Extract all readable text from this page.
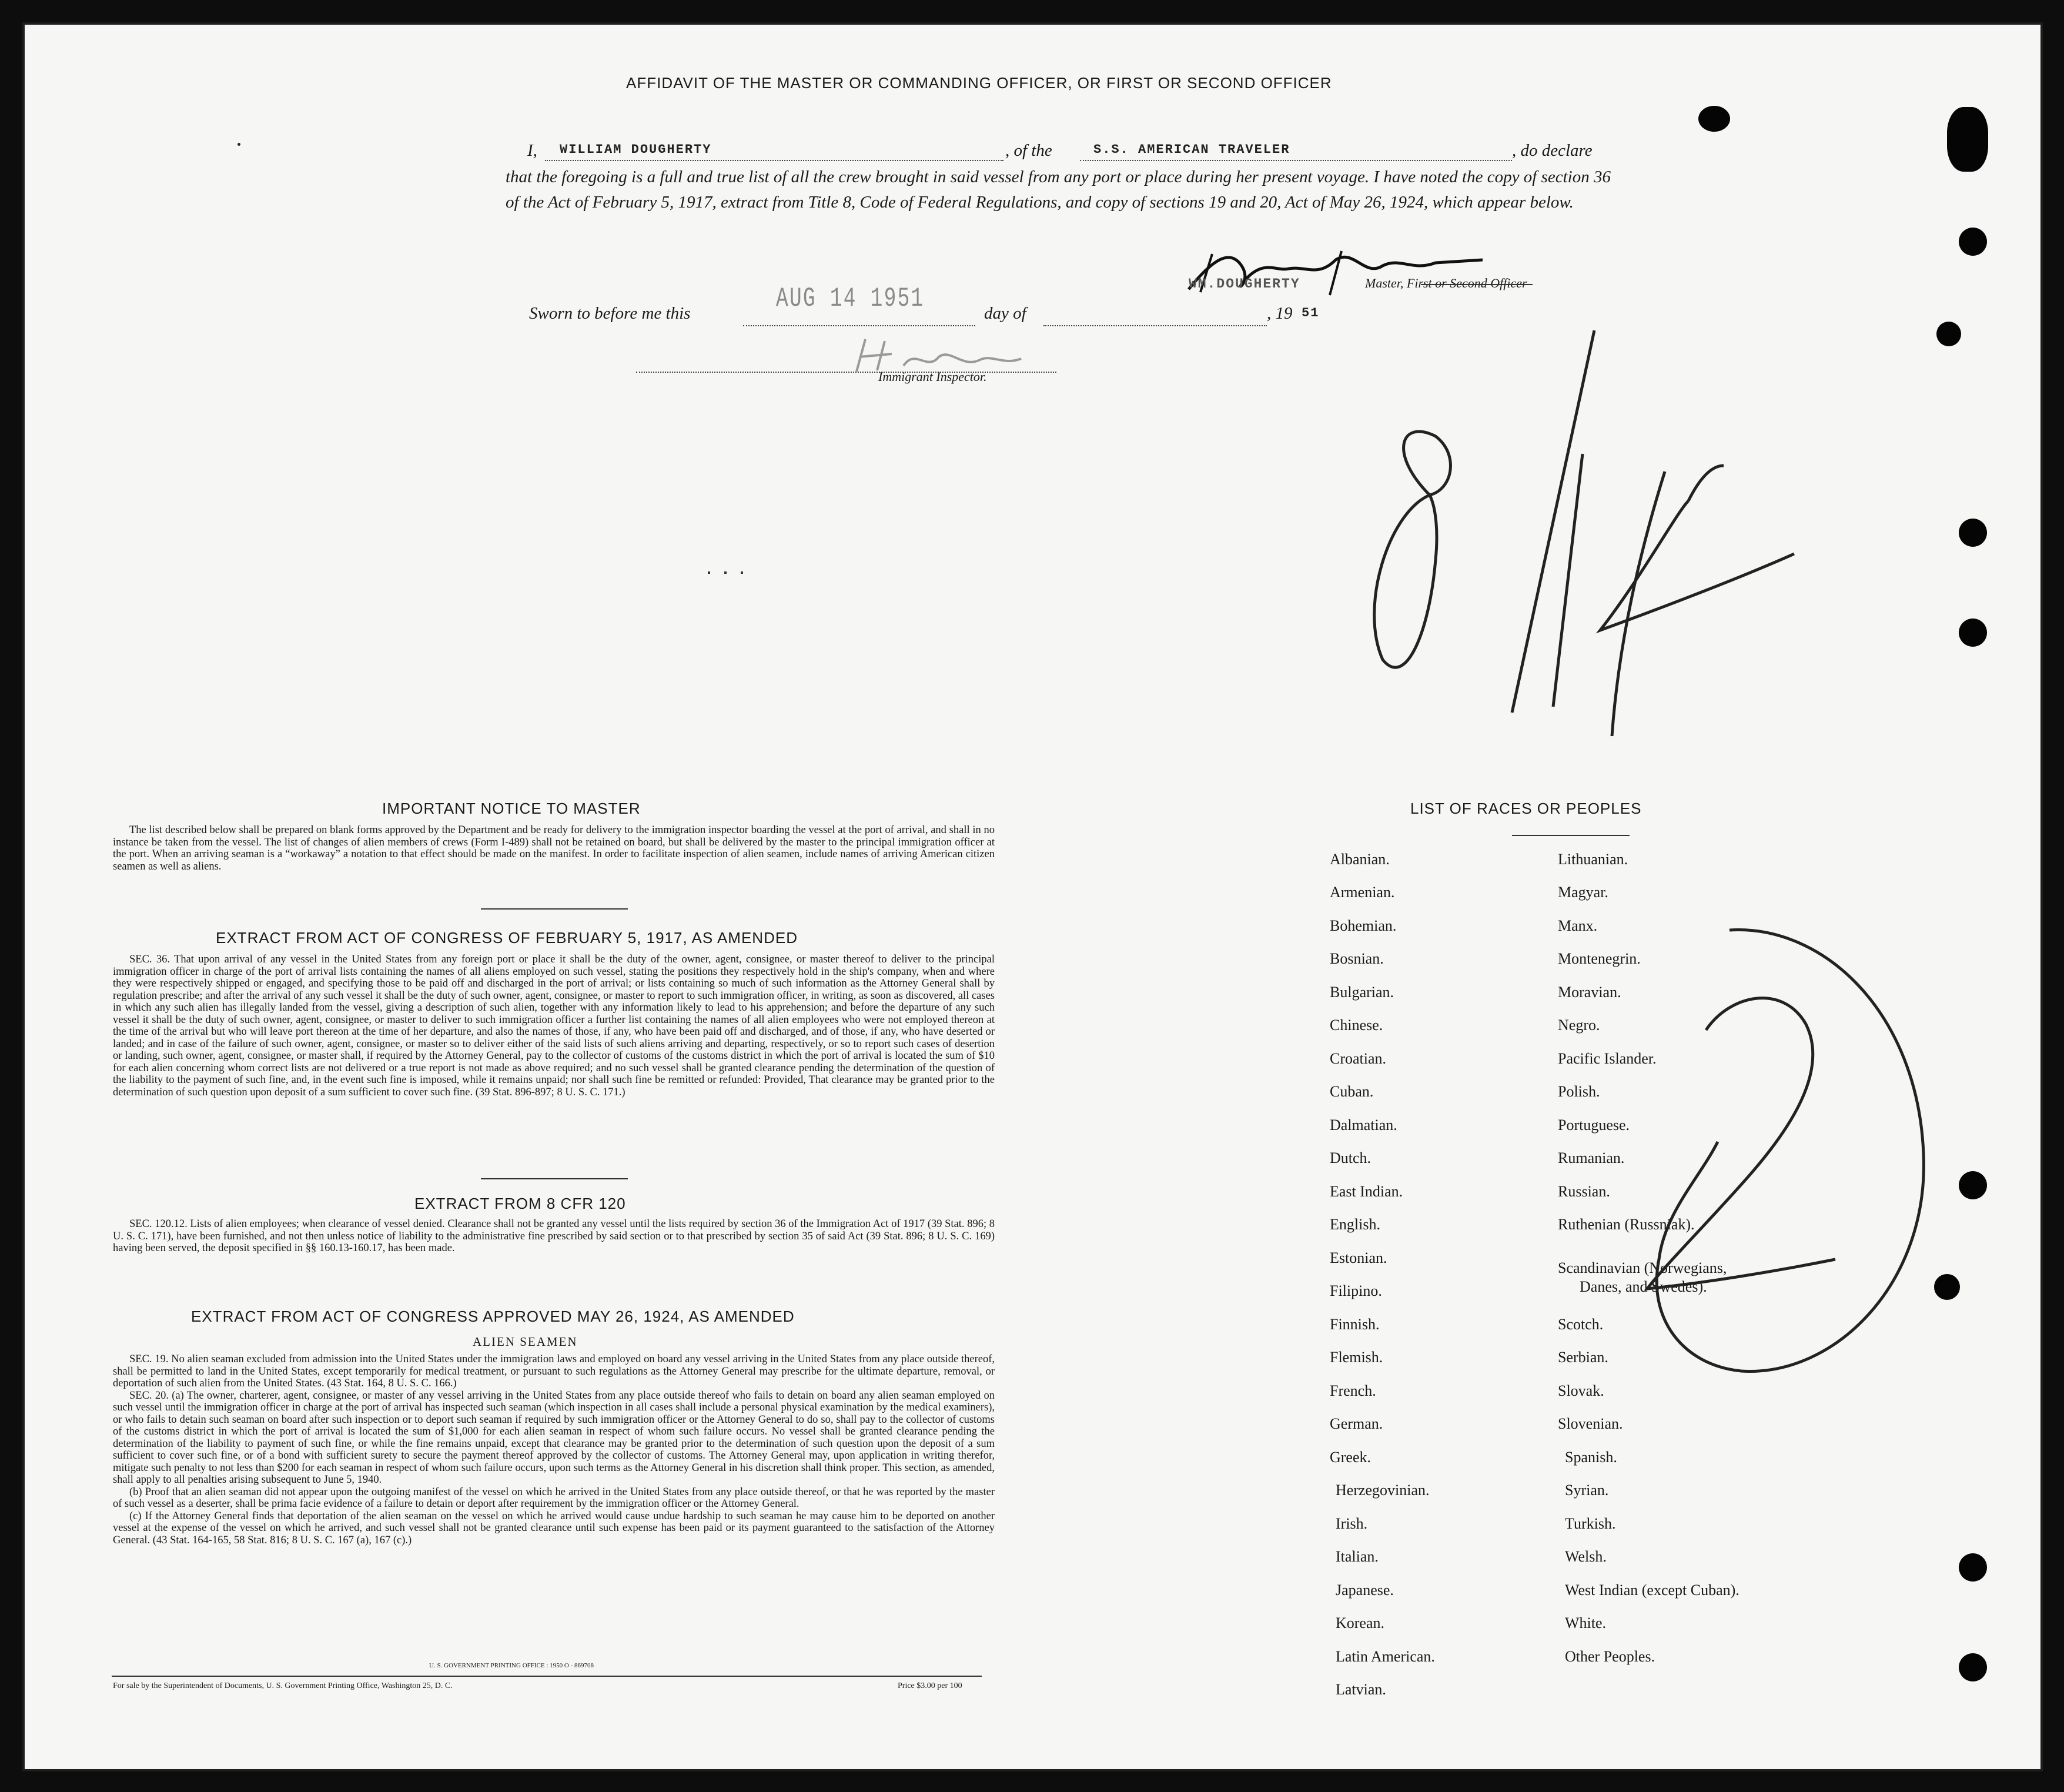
AFFIDAVIT OF THE MASTER OR COMMANDING OFFICER, OR FIRST OR SECOND OFFICER
I, WILLIAM DOUGHERTY	, of the	S.S. AMERICAN TRAVELER	, do declare
that the foregoing is a full and true list of all the crew brought in said vessel from any port or place during her present voyage. I have noted the copy of section 36 of the Act of February 5, 1917, extract from Title 8, Code of Federal Regulations, and copy of sections 19 and 20, Act of May 26, 1924, which appear below.
WM.DOUGHERTY	Master, First or Second Officer
Sworn to before me this	AUG 14 1951	day of	, 19 51
Immigrant Inspector.
IMPORTANT NOTICE TO MASTER

The list described below shall be prepared on blank forms approved by the Department and be ready for delivery to the immigration inspector boarding the vessel at the port of arrival, and shall in no instance be taken from the vessel. The list of changes of alien members of crews (Form I-489) shall not be retained on board, but shall be delivered by the master to the principal immigration officer at the port. When an arriving seaman is a “workaway” a notation to that effect should be made on the manifest. In order to facilitate inspection of alien seamen, include names of arriving American citizen seamen as well as aliens.

EXTRACT FROM ACT OF CONGRESS OF FEBRUARY 5, 1917, AS AMENDED

SEC. 36. That upon arrival of any vessel in the United States from any foreign port or place it shall be the duty of the owner, agent, consignee, or master thereof to deliver to the principal immigration officer in charge of the port of arrival lists containing the names of all aliens employed on such vessel, stating the positions they respectively hold in the ship's company, when and where they were respectively shipped or engaged, and specifying those to be paid off and discharged in the port of arrival; or lists containing so much of such information as the Attorney General shall by regulation prescribe; and after the arrival of any such vessel it shall be the duty of such owner, agent, consignee, or master to report to such immigration officer, in writing, as soon as discovered, all cases in which any such alien has illegally landed from the vessel, giving a description of such alien, together with any information likely to lead to his apprehension; and before the departure of any such vessel it shall be the duty of such owner, agent, consignee, or master to deliver to such immigration officer a further list containing the names of all alien employees who were not employed thereon at the time of the arrival but who will leave port thereon at the time of her departure, and also the names of those, if any, who have been paid off and discharged, and of those, if any, who have deserted or landed; and in case of the failure of such owner, agent, consignee, or master so to deliver either of the said lists of such aliens arriving and departing, respectively, or so to report such cases of desertion or landing, such owner, agent, consignee, or master shall, if required by the Attorney General, pay to the collector of customs of the customs district in which the port of arrival is located the sum of $10 for each alien concerning whom correct lists are not delivered or a true report is not made as above required; and no such vessel shall be granted clearance pending the determination of the question of the liability to the payment of such fine, and, in the event such fine is imposed, while it remains unpaid; nor shall such fine be remitted or refunded: Provided, That clearance may be granted prior to the determination of such question upon deposit of a sum sufficient to cover such fine. (39 Stat. 896-897; 8 U. S. C. 171.)

EXTRACT FROM 8 CFR 120

SEC. 120.12. Lists of alien employees; when clearance of vessel denied. Clearance shall not be granted any vessel until the lists required by section 36 of the Immigration Act of 1917 (39 Stat. 896; 8 U. S. C. 171), have been furnished, and not then unless notice of liability to the administrative fine prescribed by said section or to that prescribed by section 35 of said Act (39 Stat. 896; 8 U. S. C. 169) having been served, the deposit specified in §§ 160.13-160.17, has been made.

EXTRACT FROM ACT OF CONGRESS APPROVED MAY 26, 1924, AS AMENDED
ALIEN SEAMEN

SEC. 19. No alien seaman excluded from admission into the United States under the immigration laws and employed on board any vessel arriving in the United States from any place outside thereof, shall be permitted to land in the United States, except temporarily for medical treatment, or pursuant to such regulations as the Attorney General may prescribe for the ultimate departure, removal, or deportation of such alien from the United States. (43 Stat. 164, 8 U. S. C. 166.)

SEC. 20. (a) The owner, charterer, agent, consignee, or master of any vessel arriving in the United States from any place outside thereof who fails to detain on board any alien seaman employed on such vessel until the immigration officer in charge at the port of arrival has inspected such seaman (which inspection in all cases shall include a personal physical examination by the medical examiners), or who fails to detain such seaman on board after such inspection or to deport such seaman if required by such immigration officer or the Attorney General to do so, shall pay to the collector of customs of the customs district in which the port of arrival is located the sum of $1,000 for each alien seaman in respect of whom such failure occurs. No vessel shall be granted clearance pending the determination of the liability to payment of such fine, or while the fine remains unpaid, except that clearance may be granted prior to the determination of such question upon the deposit of a sum sufficient to cover such fine, or of a bond with sufficient surety to secure the payment thereof approved by the collector of customs. The Attorney General may, upon application in writing therefor, mitigate such penalty to not less than $200 for each seaman in respect of whom such failure occurs, upon such terms as the Attorney General in his discretion shall think proper. This section, as amended, shall apply to all penalties arising subsequent to June 5, 1940.

(b) Proof that an alien seaman did not appear upon the outgoing manifest of the vessel on which he arrived in the United States from any place outside thereof, or that he was reported by the master of such vessel as a deserter, shall be prima facie evidence of a failure to detain or deport after requirement by the immigration officer or the Attorney General.

(c) If the Attorney General finds that deportation of the alien seaman on the vessel on which he arrived would cause undue hardship to such seaman he may cause him to be deported on another vessel at the expense of the vessel on which he arrived, and such vessel shall not be granted clearance until such expense has been paid or its payment guaranteed to the satisfaction of the Attorney General. (43 Stat. 164-165, 58 Stat. 816; 8 U. S. C. 167 (a), 167 (c).)

U. S. GOVERNMENT PRINTING OFFICE : 1950 O - 869708
For sale by the Superintendent of Documents, U. S. Government Printing Office, Washington 25, D. C.	Price $3.00 per 100
LIST OF RACES OR PEOPLES
Albanian.
Armenian.
Bohemian.
Bosnian.
Bulgarian.
Chinese.
Croatian.
Cuban.
Dalmatian.
Dutch.
East Indian.
English.
Estonian.
Filipino.
Finnish.
Flemish.
French.
German.
Greek.
Herzegovinian.
Irish.
Italian.
Japanese.
Korean.
Latin American.
Latvian.
Lithuanian.
Magyar.
Manx.
Montenegrin.
Moravian.
Negro.
Pacific Islander.
Polish.
Portuguese.
Rumanian.
Russian.
Ruthenian (Russniak).
Scandinavian (Norwegians,
Danes, and Swedes).
Scotch.
Serbian.
Slovak.
Slovenian.
Spanish.
Syrian.
Turkish.
Welsh.
West Indian (except Cuban).
White.
Other Peoples.
